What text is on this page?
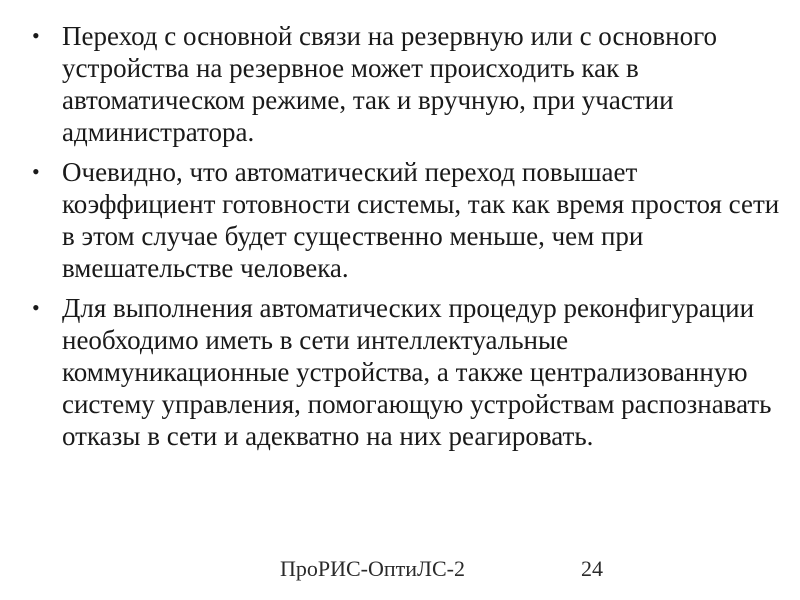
• Переход с основной связи на резервную или с основного устройства на резервное может происходить как в автоматическом режиме, так и вручную, при участии администратора.
• Очевидно, что автоматический переход повышает коэффициент готовности системы, так как время простоя сети в этом случае будет существенно меньше, чем при вмешательстве человека.
• Для выполнения автоматических процедур реконфигурации необходимо иметь в сети интеллектуальные коммуникационные устройства, а также централизованную систему управления, помогающую устройствам распознавать отказы в сети и адекватно на них реагировать.
ПроРИС-ОптиЛС-2	24
